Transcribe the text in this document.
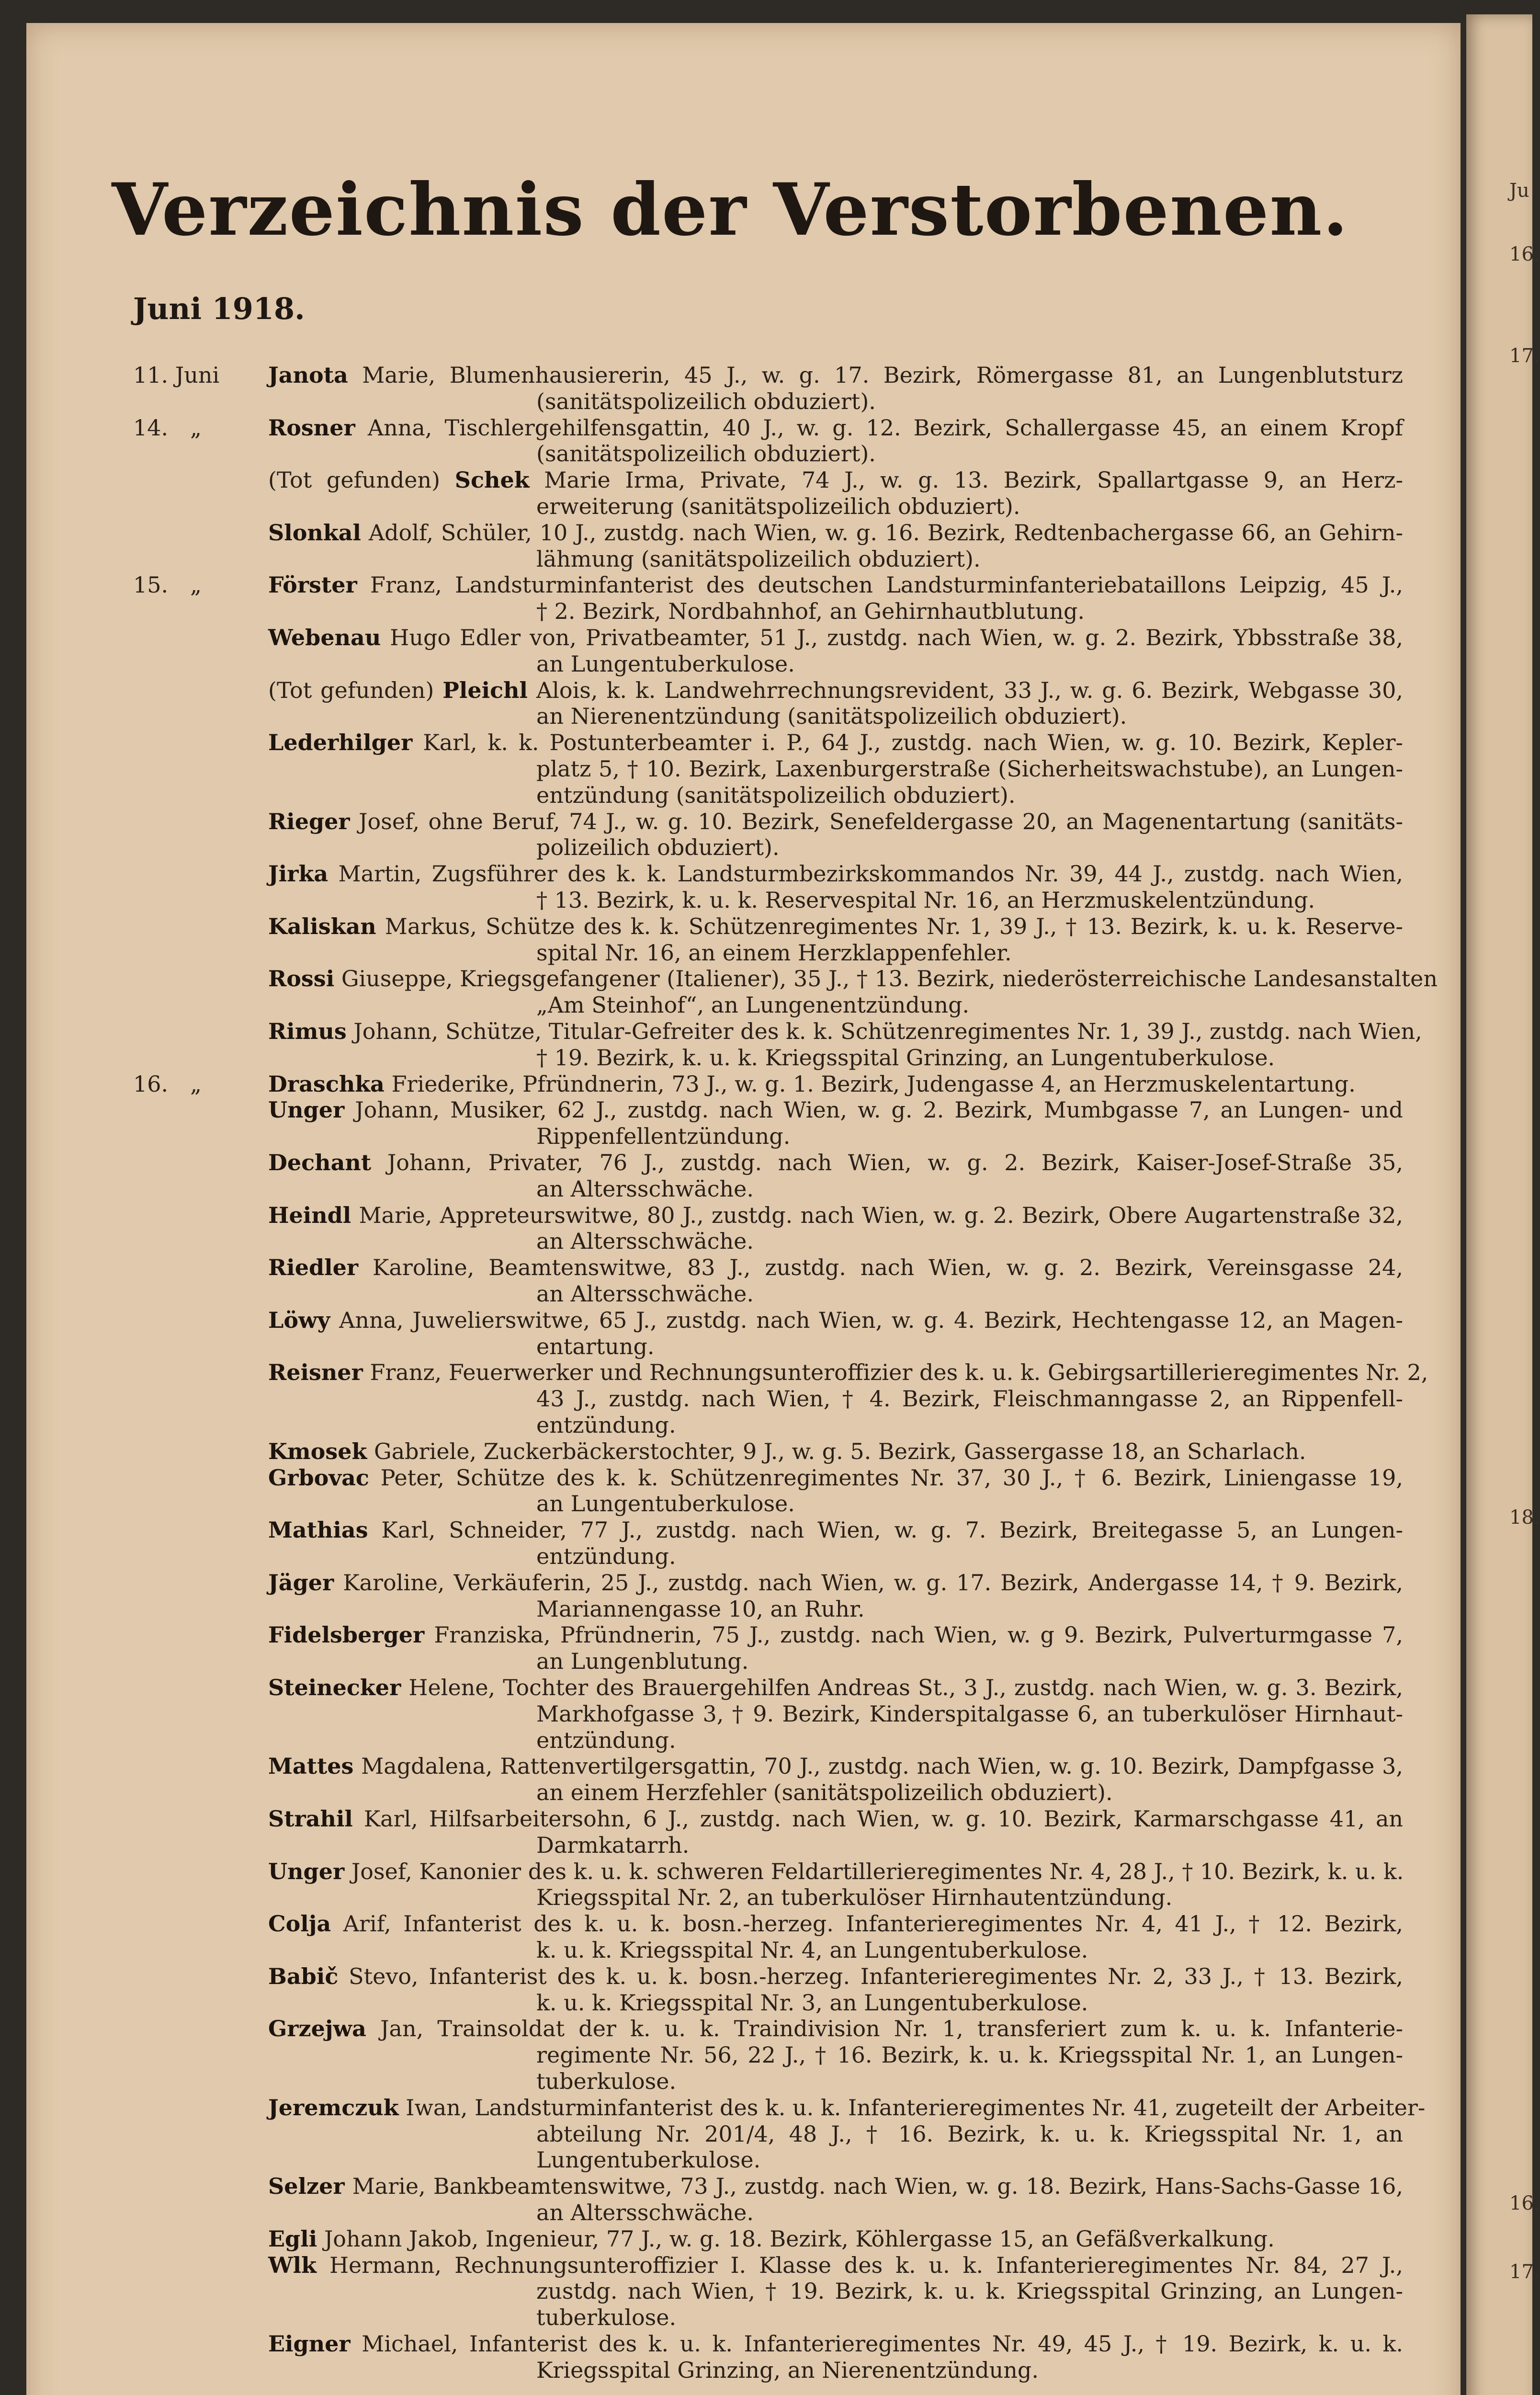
Ju
16.
17.
18.
16.
17.
Verzeichnis der Verstorbenen.
Juni 1918.
11. Juni Janota Marie, Blumenhausiererin, 45 J., w. g. 17. Bezirk, Römergasse 81, an Lungenblutsturz
(sanitätspolizeilich obduziert).
14. „	Rosner Anna, Tischlergehilfensgattin, 40 J., w. g. 12. Bezirk, Schallergasse 45, an einem Kropf
(sanitätspolizeilich obduziert).
(Tot gefunden) Schek Marie Irma, Private, 74 J., w. g. 13. Bezirk, Spallartgasse 9, an Herz-
erweiterung (sanitätspolizeilich obduziert).
Slonkal Adolf, Schüler, 10 J., zustdg. nach Wien, w. g. 16. Bezirk, Redtenbachergasse 66, an Gehirn-
lähmung (sanitätspolizeilich obduziert).
15. „	Förster Franz, Landsturminfanterist des deutschen Landsturminfanteriebataillons Leipzig, 45 J.,
† 2. Bezirk, Nordbahnhof, an Gehirnhautblutung.
Webenau Hugo Edler von, Privatbeamter, 51 J., zustdg. nach Wien, w. g. 2. Bezirk, Ybbsstraße 38,
an Lungentuberkulose.
(Tot gefunden) Pleichl Alois, k. k. Landwehrrechnungsrevident, 33 J., w. g. 6. Bezirk, Webgasse 30,
an Nierenentzündung (sanitätspolizeilich obduziert).
Lederhilger Karl, k. k. Postunterbeamter i. P., 64 J., zustdg. nach Wien, w. g. 10. Bezirk, Kepler-
platz 5, † 10. Bezirk, Laxenburgerstraße (Sicherheitswachstube), an Lungen-
entzündung (sanitätspolizeilich obduziert).
Rieger Josef, ohne Beruf, 74 J., w. g. 10. Bezirk, Senefeldergasse 20, an Magenentartung (sanitäts-
polizeilich obduziert).
Jirka Martin, Zugsführer des k. k. Landsturmbezirkskommandos Nr. 39, 44 J., zustdg. nach Wien,
† 13. Bezirk, k. u. k. Reservespital Nr. 16, an Herzmuskelentzündung.
Kaliskan Markus, Schütze des k. k. Schützenregimentes Nr. 1, 39 J., † 13. Bezirk, k. u. k. Reserve-
spital Nr. 16, an einem Herzklappenfehler.
Rossi Giuseppe, Kriegsgefangener (Italiener), 35 J., † 13. Bezirk, niederösterreichische Landesanstalten
„Am Steinhof“, an Lungenentzündung.
Rimus Johann, Schütze, Titular-Gefreiter des k. k. Schützenregimentes Nr. 1, 39 J., zustdg. nach Wien,
† 19. Bezirk, k. u. k. Kriegsspital Grinzing, an Lungentuberkulose.
16. „	Draschka Friederike, Pfründnerin, 73 J., w. g. 1. Bezirk, Judengasse 4, an Herzmuskelentartung.
Unger Johann, Musiker, 62 J., zustdg. nach Wien, w. g. 2. Bezirk, Mumbgasse 7, an Lungen- und
Rippenfellentzündung.
Dechant Johann, Privater, 76 J., zustdg. nach Wien, w. g. 2. Bezirk, Kaiser-Josef-Straße 35,
an Altersschwäche.
Heindl Marie, Appreteurswitwe, 80 J., zustdg. nach Wien, w. g. 2. Bezirk, Obere Augartenstraße 32,
an Altersschwäche.
Riedler Karoline, Beamtenswitwe, 83 J., zustdg. nach Wien, w. g. 2. Bezirk, Vereinsgasse 24,
an Altersschwäche.
Löwy Anna, Juwelierswitwe, 65 J., zustdg. nach Wien, w. g. 4. Bezirk, Hechtengasse 12, an Magen-
entartung.
Reisner Franz, Feuerwerker und Rechnungsunteroffizier des k. u. k. Gebirgsartillerieregimentes Nr. 2,
43 J., zustdg. nach Wien, † 4. Bezirk, Fleischmanngasse 2, an Rippenfell-
entzündung.
Kmosek Gabriele, Zuckerbäckerstochter, 9 J., w. g. 5. Bezirk, Gassergasse 18, an Scharlach.
Grbovac Peter, Schütze des k. k. Schützenregimentes Nr. 37, 30 J., † 6. Bezirk, Liniengasse 19,
an Lungentuberkulose.
Mathias Karl, Schneider, 77 J., zustdg. nach Wien, w. g. 7. Bezirk, Breitegasse 5, an Lungen-
entzündung.
Jäger Karoline, Verkäuferin, 25 J., zustdg. nach Wien, w. g. 17. Bezirk, Andergasse 14, † 9. Bezirk,
Mariannengasse 10, an Ruhr.
Fidelsberger Franziska, Pfründnerin, 75 J., zustdg. nach Wien, w. g 9. Bezirk, Pulverturmgasse 7,
an Lungenblutung.
Steinecker Helene, Tochter des Brauergehilfen Andreas St., 3 J., zustdg. nach Wien, w. g. 3. Bezirk,
Markhofgasse 3, † 9. Bezirk, Kinderspitalgasse 6, an tuberkulöser Hirnhaut-
entzündung.
Mattes Magdalena, Rattenvertilgersgattin, 70 J., zustdg. nach Wien, w. g. 10. Bezirk, Dampfgasse 3,
an einem Herzfehler (sanitätspolizeilich obduziert).
Strahil Karl, Hilfsarbeitersohn, 6 J., zustdg. nach Wien, w. g. 10. Bezirk, Karmarschgasse 41, an
Darmkatarrh.
Unger Josef, Kanonier des k. u. k. schweren Feldartillerieregimentes Nr. 4, 28 J., † 10. Bezirk, k. u. k.
Kriegsspital Nr. 2, an tuberkulöser Hirnhautentzündung.
Colja Arif, Infanterist des k. u. k. bosn.-herzeg. Infanterieregimentes Nr. 4, 41 J., † 12. Bezirk,
k. u. k. Kriegsspital Nr. 4, an Lungentuberkulose.
Babič Stevo, Infanterist des k. u. k. bosn.-herzeg. Infanterieregimentes Nr. 2, 33 J., † 13. Bezirk,
k. u. k. Kriegsspital Nr. 3, an Lungentuberkulose.
Grzejwa Jan, Trainsoldat der k. u. k. Traindivision Nr. 1, transferiert zum k. u. k. Infanterie-
regimente Nr. 56, 22 J., † 16. Bezirk, k. u. k. Kriegsspital Nr. 1, an Lungen-
tuberkulose.
Jeremczuk Iwan, Landsturminfanterist des k. u. k. Infanterieregimentes Nr. 41, zugeteilt der Arbeiter-
abteilung Nr. 201/4, 48 J., † 16. Bezirk, k. u. k. Kriegsspital Nr. 1, an
Lungentuberkulose.
Selzer Marie, Bankbeamtenswitwe, 73 J., zustdg. nach Wien, w. g. 18. Bezirk, Hans-Sachs-Gasse 16,
an Altersschwäche.
Egli Johann Jakob, Ingenieur, 77 J., w. g. 18. Bezirk, Köhlergasse 15, an Gefäßverkalkung.
Wlk Hermann, Rechnungsunteroffizier I. Klasse des k. u. k. Infanterieregimentes Nr. 84, 27 J.,
zustdg. nach Wien, † 19. Bezirk, k. u. k. Kriegsspital Grinzing, an Lungen-
tuberkulose.
Eigner Michael, Infanterist des k. u. k. Infanterieregimentes Nr. 49, 45 J., † 19. Bezirk, k. u. k.
Kriegsspital Grinzing, an Nierenentzündung.
